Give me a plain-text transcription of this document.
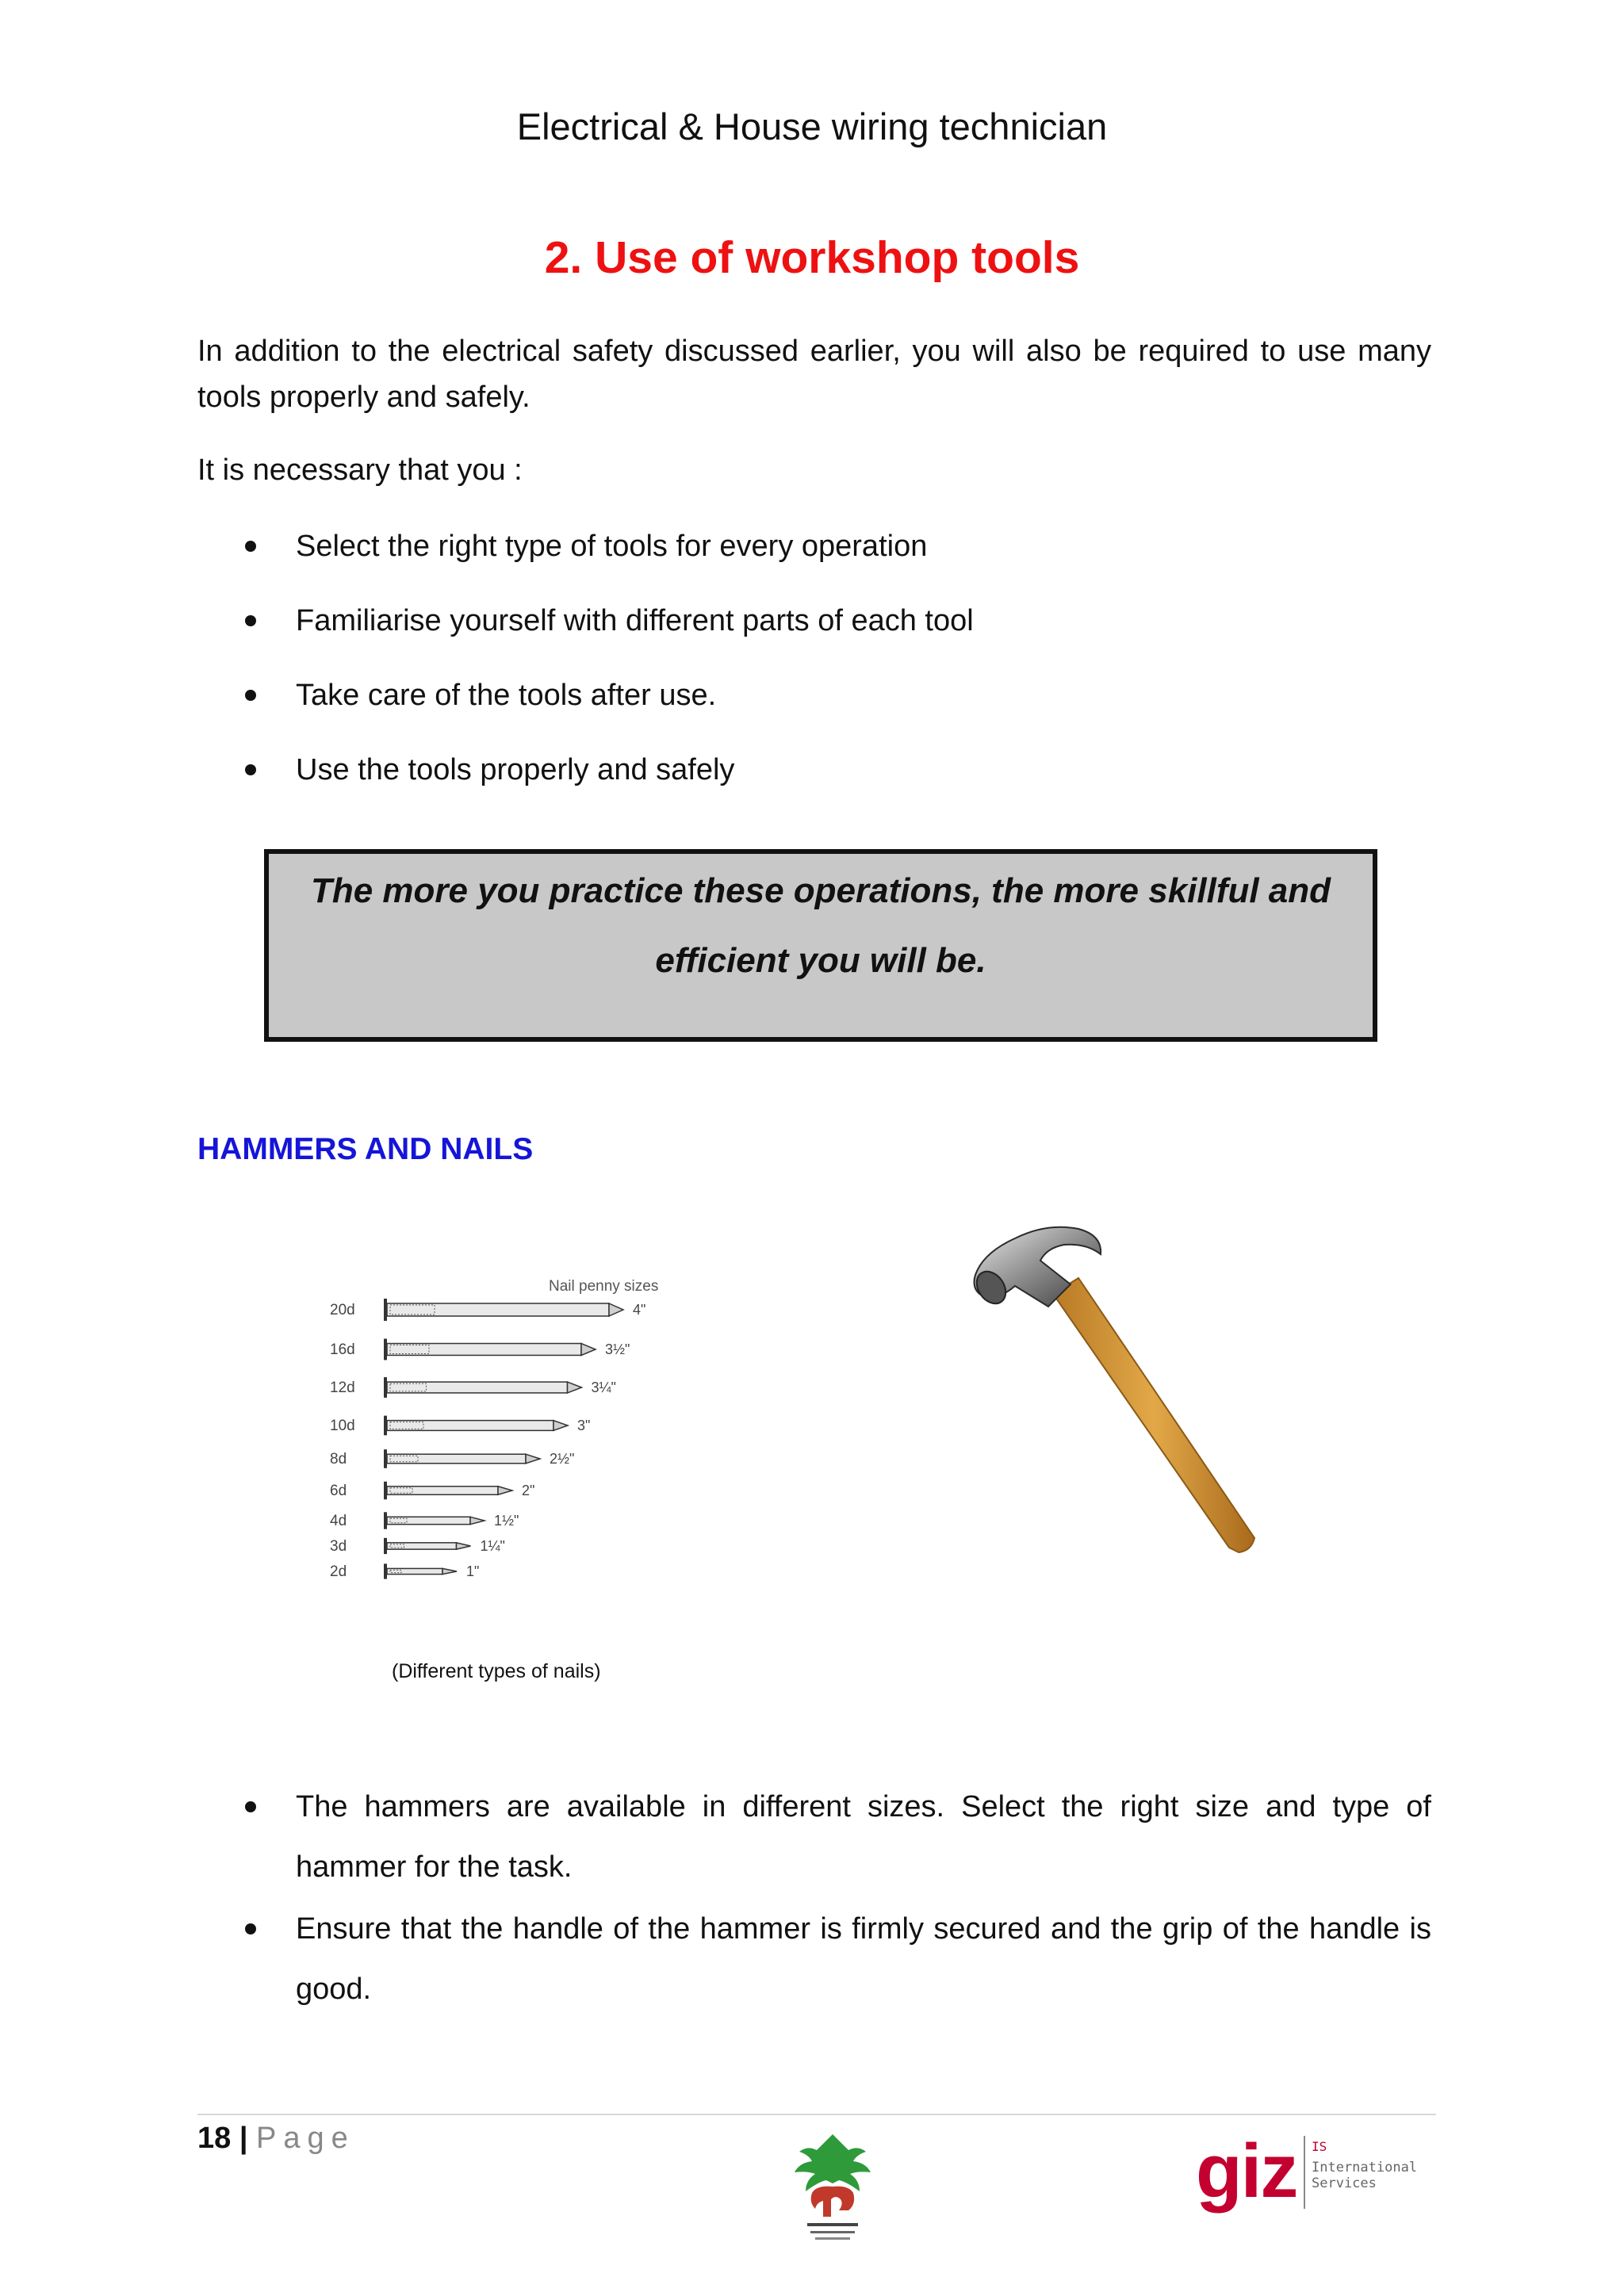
Electrical & House wiring technician
2. Use of workshop tools
In addition to the electrical safety discussed earlier, you will also be required to use many tools properly and safely.
It is necessary that you :
Select the right type of tools for every operation
Familiarise yourself with different parts of each tool
Take care of the tools after use.
Use the tools properly and safely
The more you practice these operations, the more skillful and
efficient you will be.
HAMMERS AND NAILS
Nail penny sizes
20d	4"
16d	3½"
12d	3¼"
10d	3"
8d	2½"
6d	2"
4d	1½"
3d	1¼"
2d	1"
(Different types of nails)
The hammers are available in different sizes. Select the right size and type of hammer for the task.
Ensure that the handle of the hammer is firmly secured and the grip of the handle is good.
18 | Page	giz IS
International Services
